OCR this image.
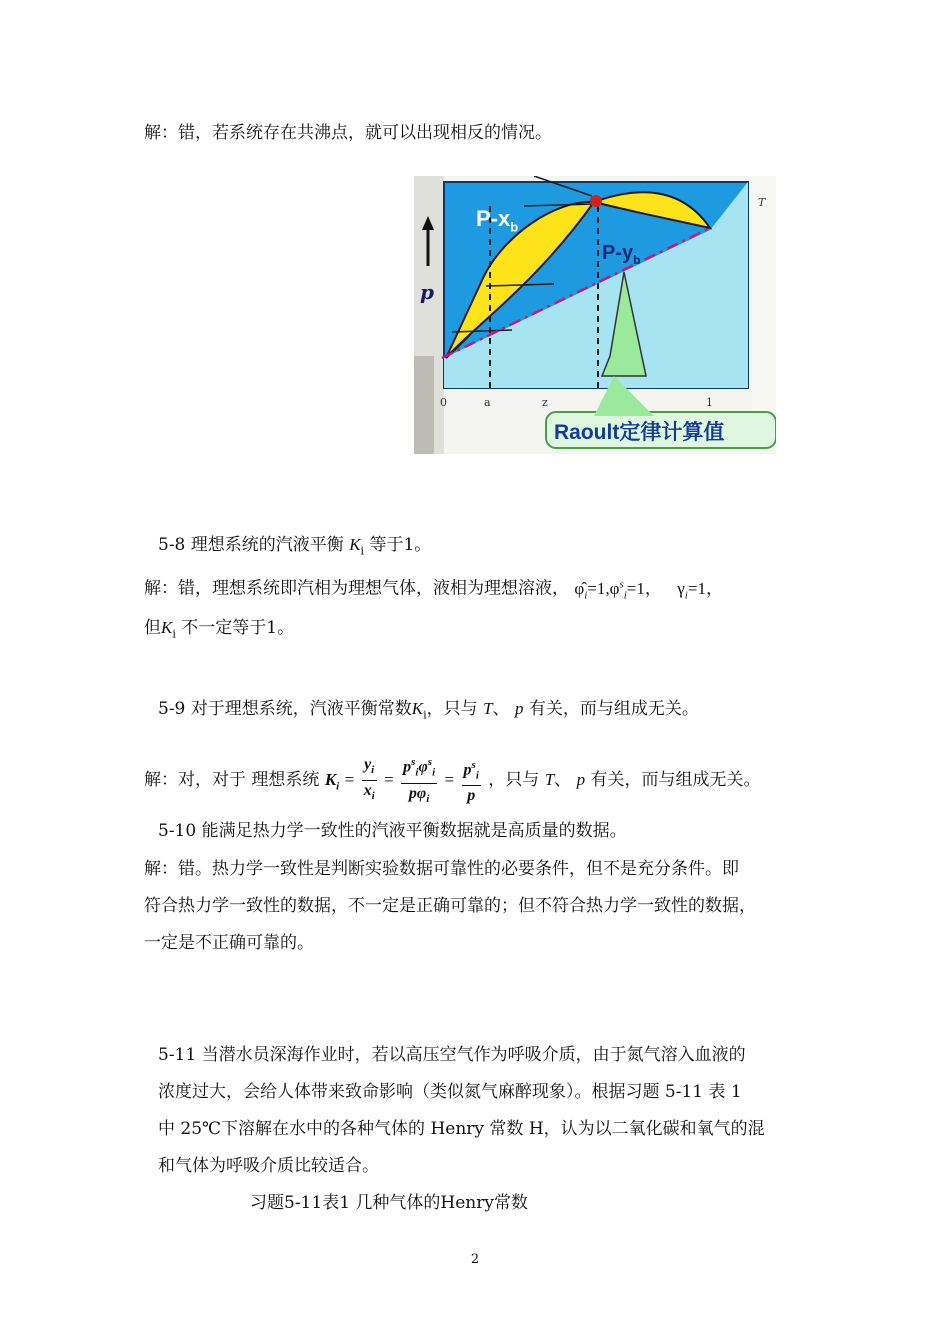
解：错，若系统存在共沸点，就可以出现相反的情况。
$P-x_b$
$P-y_b$
p
0	a	z	1
T
Raoult定律计算值
5-8 理想系统的汽液平衡 $K_i$ 等于1。
解：错，理想系统即汽相为理想气体，液相为理想溶液， $\varphî_i=1,\varphi^s_i=1$， $\gamma_i=1$，
但$K_i$ 不一定等于1。
5-9 对于理想系统，汽液平衡常数$K_i$，只与 T、 p 有关，而与组成无关。
解：对，对于 理想系统 $K_i = \frac{y_i}{x_i} = \frac{p^s_i\varphi^s_i}{p\varphi_i} = \frac{p^s_i}{p}$ ，只与 T、 p 有关，而与组成无关。
5-10 能满足热力学一致性的汽液平衡数据就是高质量的数据。
解：错。热力学一致性是判断实验数据可靠性的必要条件，但不是充分条件。即
符合热力学一致性的数据，不一定是正确可靠的；但不符合热力学一致性的数据，
一定是不正确可靠的。
5-11 当潜水员深海作业时，若以高压空气作为呼吸介质，由于氮气溶入血液的
浓度过大，会给人体带来致命影响（类似氮气麻醉现象）。根据习题 5-11 表 1
中 25℃下溶解在水中的各种气体的 Henry 常数 H，认为以二氧化碳和氧气的混
和气体为呼吸介质比较适合。
习题5-11表1 几种气体的Henry常数
2
